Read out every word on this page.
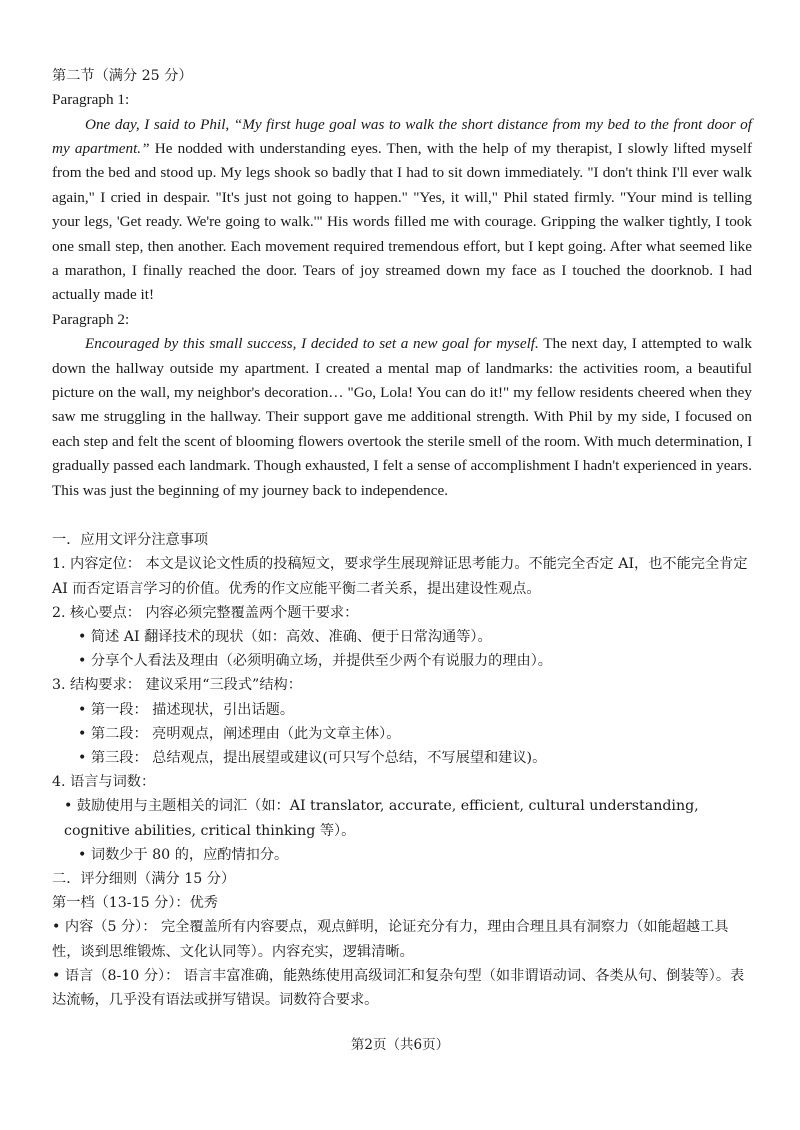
第二节（满分 25 分）

Paragraph 1:

One day, I said to Phil, “My first huge goal was to walk the short distance from my bed to the front door of my apartment.” He nodded with understanding eyes. Then, with the help of my therapist, I slowly lifted myself from the bed and stood up. My legs shook so badly that I had to sit down immediately. "I don't think I'll ever walk again," I cried in despair. "It's just not going to happen." "Yes, it will," Phil stated firmly. "Your mind is telling your legs, 'Get ready. We're going to walk.'" His words filled me with courage. Gripping the walker tightly, I took one small step, then another. Each movement required tremendous effort, but I kept going. After what seemed like a marathon, I finally reached the door. Tears of joy streamed down my face as I touched the doorknob. I had actually made it!

Paragraph 2:

Encouraged by this small success, I decided to set a new goal for myself. The next day, I attempted to walk down the hallway outside my apartment. I created a mental map of landmarks: the activities room, a beautiful picture on the wall, my neighbor's decoration… "Go, Lola! You can do it!" my fellow residents cheered when they saw me struggling in the hallway. Their support gave me additional strength. With Phil by my side, I focused on each step and felt the scent of blooming flowers overtook the sterile smell of the room. With much determination, I gradually passed each landmark. Though exhausted, I felt a sense of accomplishment I hadn't experienced in years. This was just the beginning of my journey back to independence.

一．应用文评分注意事项

1. 内容定位： 本文是议论文性质的投稿短文，要求学生展现辩证思考能力。不能完全否定 AI，也不能完全肯定 AI 而否定语言学习的价值。优秀的作文应能平衡二者关系，提出建设性观点。

2. 核心要点： 内容必须完整覆盖两个题干要求：

• 简述 AI 翻译技术的现状（如：高效、准确、便于日常沟通等）。

• 分享个人看法及理由（必须明确立场，并提供至少两个有说服力的理由）。

3. 结构要求： 建议采用“三段式”结构：

• 第一段： 描述现状，引出话题。

• 第二段： 亮明观点，阐述理由（此为文章主体）。

• 第三段： 总结观点，提出展望或建议(可只写个总结，不写展望和建议)。

4. 语言与词数：

• 鼓励使用与主题相关的词汇（如：AI translator, accurate, efficient, cultural understanding, cognitive abilities, critical thinking 等）。

• 词数少于 80 的，应酌情扣分。

二．评分细则（满分 15 分）

第一档（13-15 分）：优秀

• 内容（5 分）： 完全覆盖所有内容要点，观点鲜明，论证充分有力，理由合理且具有洞察力（如能超越工具性，谈到思维锻炼、文化认同等）。内容充实，逻辑清晰。

• 语言（8-10 分）： 语言丰富准确，能熟练使用高级词汇和复杂句型（如非谓语动词、各类从句、倒装等）。表达流畅，几乎没有语法或拼写错误。词数符合要求。

第2页（共6页）
